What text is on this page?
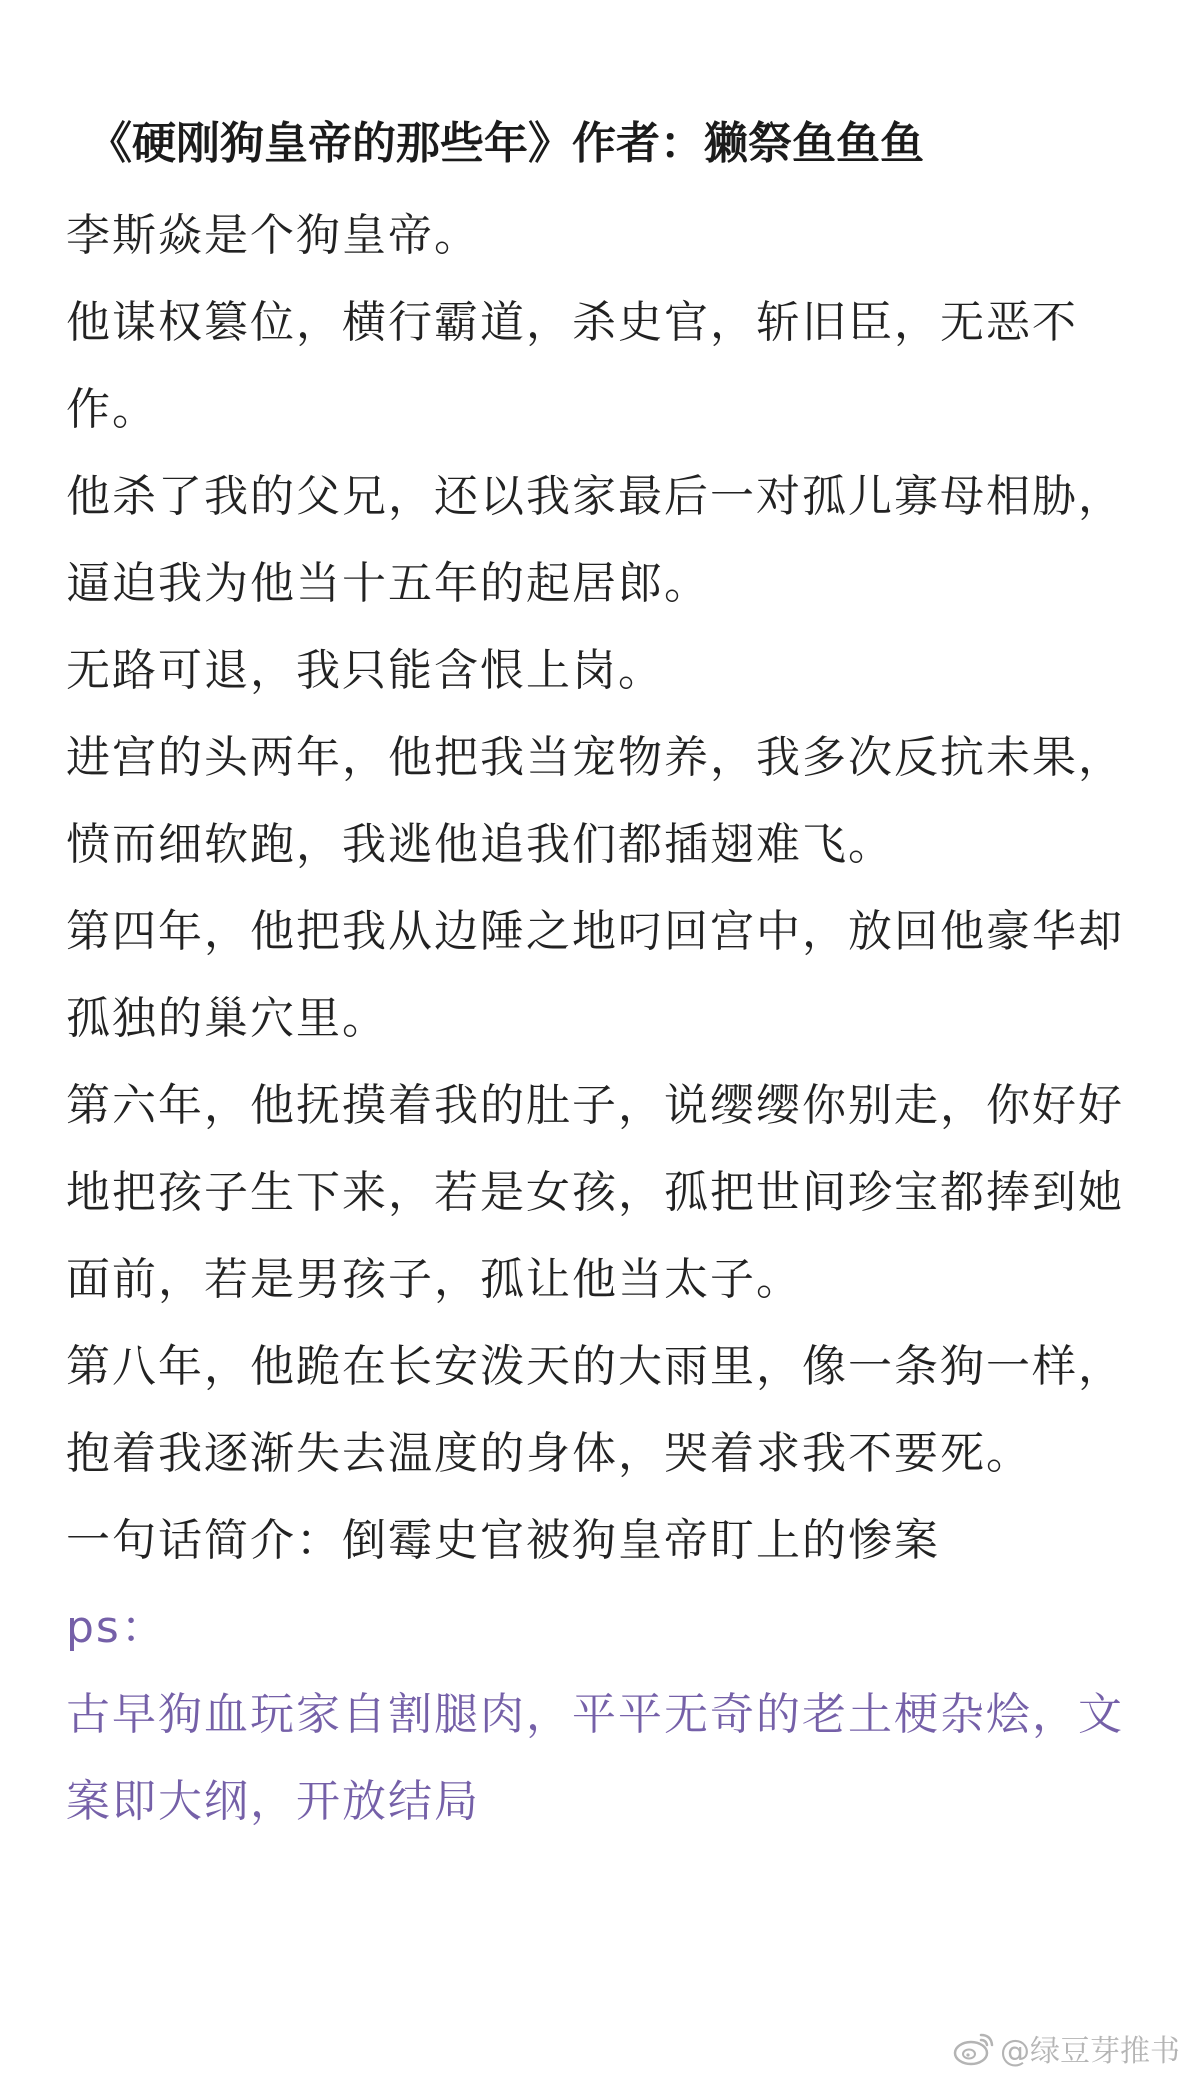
《硬刚狗皇帝的那些年》作者：獭祭鱼鱼鱼

李斯焱是个狗皇帝。

他谋权篡位，横行霸道，杀史官，斩旧臣，无恶不作。

他杀了我的父兄，还以我家最后一对孤儿寡母相胁，逼迫我为他当十五年的起居郎。

无路可退，我只能含恨上岗。

进宫的头两年，他把我当宠物养，我多次反抗未果，愤而细软跑，我逃他追我们都插翅难飞。

第四年，他把我从边陲之地叼回宫中，放回他豪华却孤独的巢穴里。

第六年，他抚摸着我的肚子，说缨缨你别走，你好好地把孩子生下来，若是女孩，孤把世间珍宝都捧到她面前，若是男孩子，孤让他当太子。

第八年，他跪在长安泼天的大雨里，像一条狗一样，抱着我逐渐失去温度的身体，哭着求我不要死。

一句话简介：倒霉史官被狗皇帝盯上的惨案

ps：

古早狗血玩家自割腿肉，平平无奇的老土梗杂烩，文案即大纲，开放结局

@绿豆芽推书
